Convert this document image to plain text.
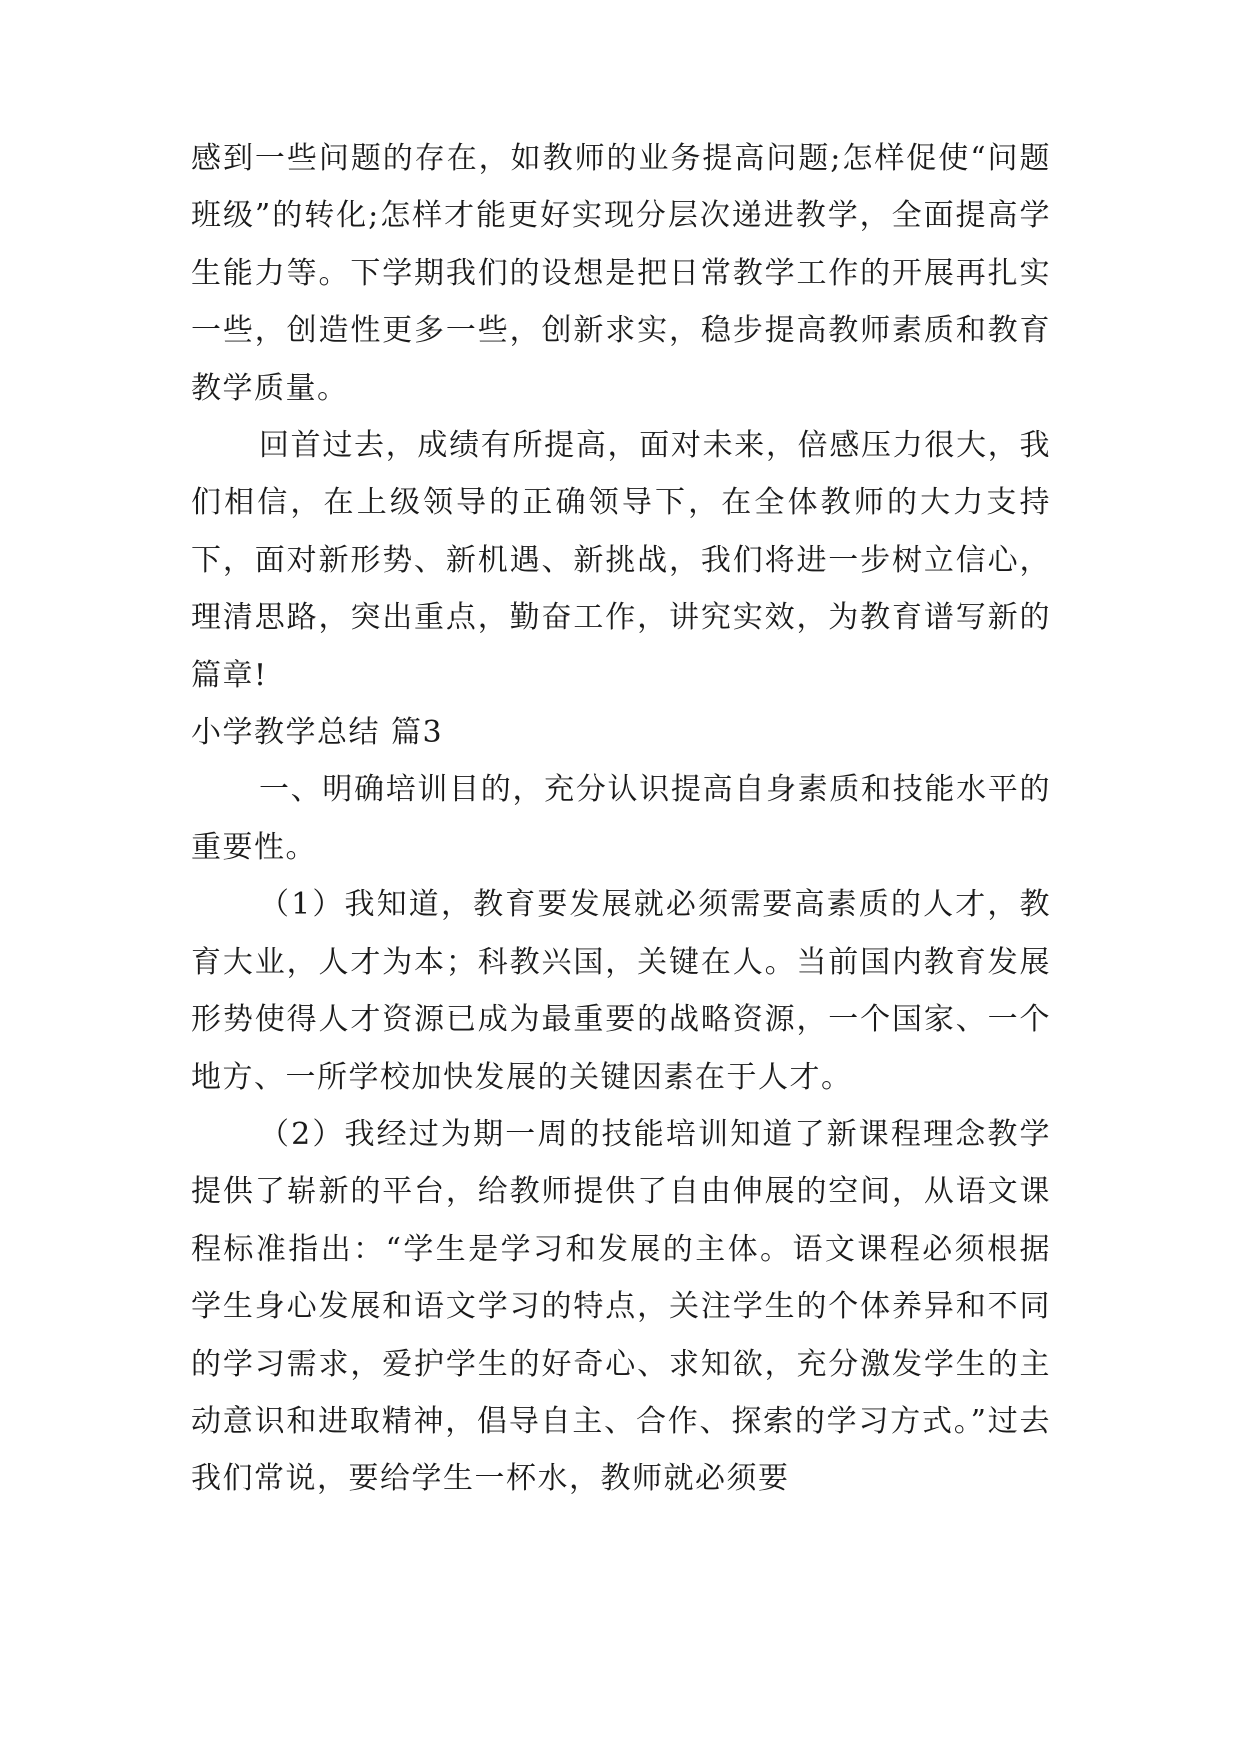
感到一些问题的存在，如教师的业务提高问题;怎样促使“问题班级”的转化;怎样才能更好实现分层次递进教学，全面提高学生能力等。下学期我们的设想是把日常教学工作的开展再扎实一些，创造性更多一些，创新求实，稳步提高教师素质和教育教学质量。

回首过去，成绩有所提高，面对未来，倍感压力很大，我们相信，在上级领导的正确领导下，在全体教师的大力支持下，面对新形势、新机遇、新挑战，我们将进一步树立信心，理清思路，突出重点，勤奋工作，讲究实效，为教育谱写新的篇章!

小学教学总结 篇3

一、明确培训目的，充分认识提高自身素质和技能水平的重要性。

（1）我知道，教育要发展就必须需要高素质的人才，教育大业，人才为本；科教兴国，关键在人。当前国内教育发展形势使得人才资源已成为最重要的战略资源，一个国家、一个地方、一所学校加快发展的关键因素在于人才。

（2）我经过为期一周的技能培训知道了新课程理念教学提供了崭新的平台，给教师提供了自由伸展的空间，从语文课程标准指出：“学生是学习和发展的主体。语文课程必须根据学生身心发展和语文学习的特点，关注学生的个体养异和不同的学习需求，爱护学生的好奇心、求知欲，充分激发学生的主动意识和进取精神，倡导自主、合作、探索的学习方式。”过去我们常说，要给学生一杯水，教师就必须要
